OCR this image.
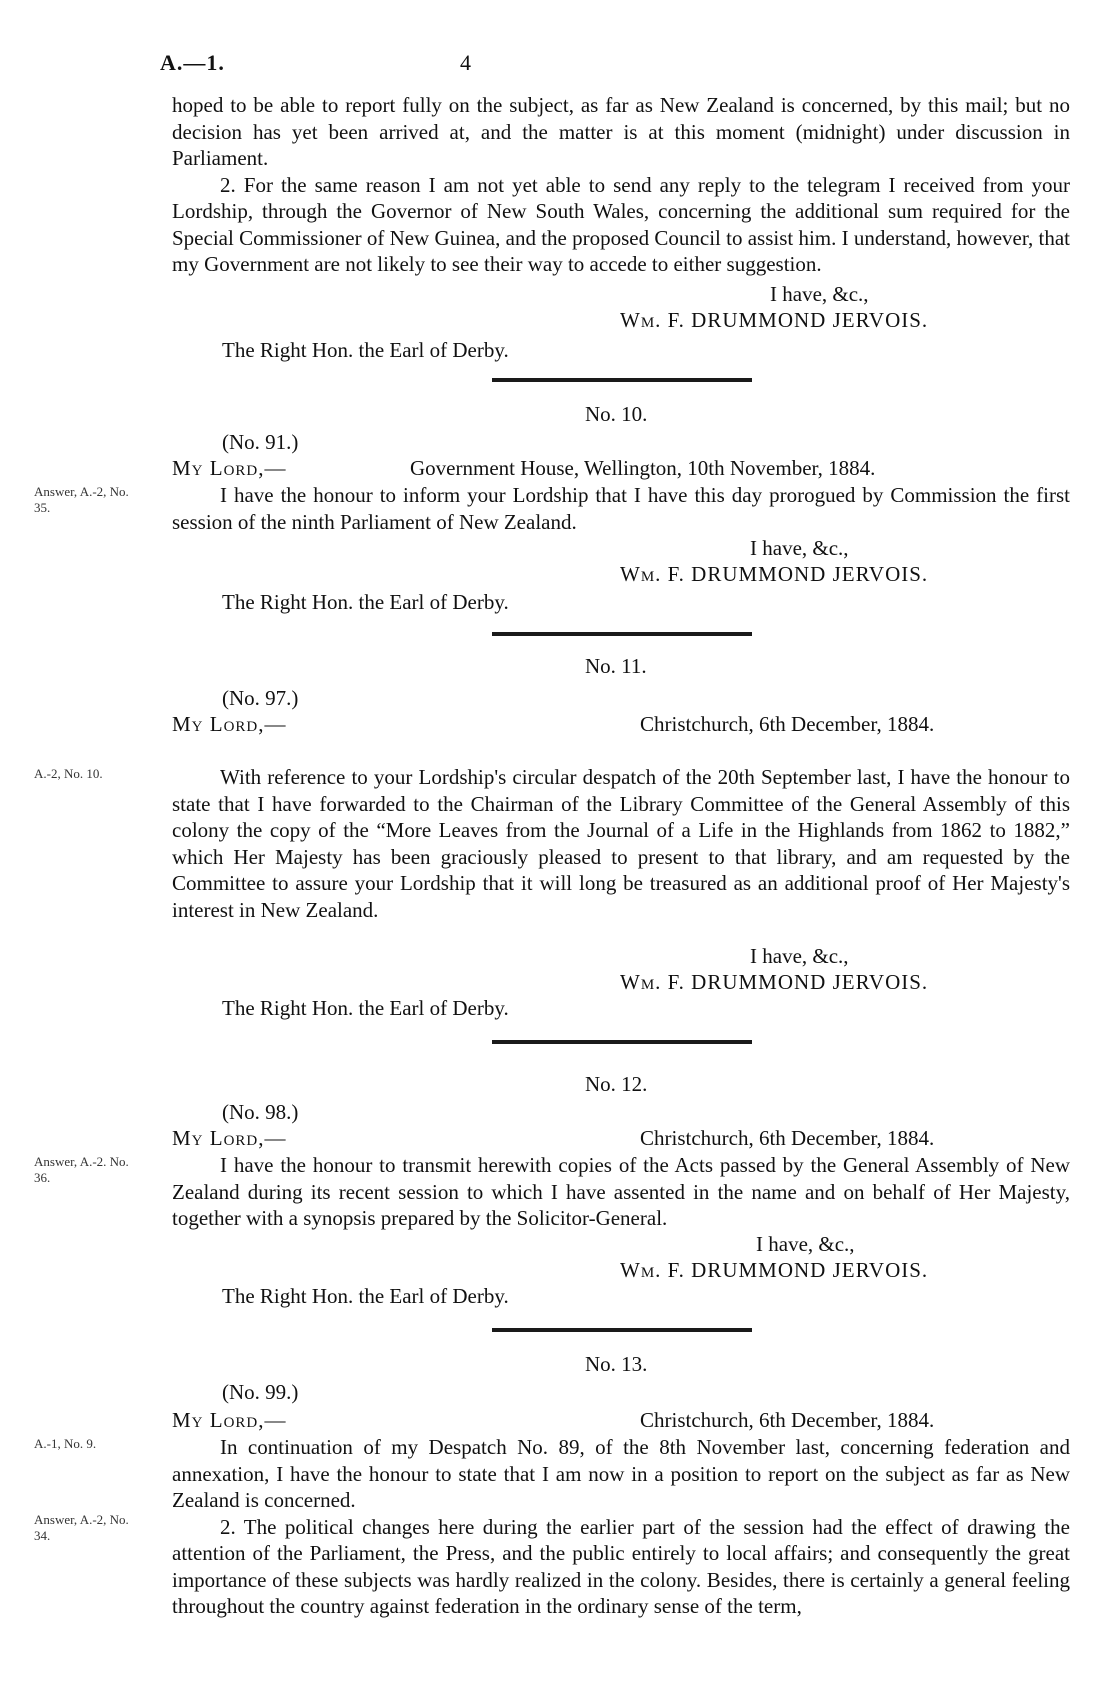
A.—1.	4

hoped to be able to report fully on the subject, as far as New Zealand is concerned, by this mail; but no decision has yet been arrived at, and the matter is at this moment (midnight) under discussion in Parliament.

2. For the same reason I am not yet able to send any reply to the telegram I received from your Lordship, through the Governor of New South Wales, concerning the additional sum required for the Special Commissioner of New Guinea, and the proposed Council to assist him. I understand, however, that my Government are not likely to see their way to accede to either suggestion.

I have, &c.,
Wm. F. DRUMMOND JERVOIS.
The Right Hon. the Earl of Derby.
No. 10.
(No. 91.)
My Lord,—	Government House, Wellington, 10th November, 1884.
Answer, A.-2, No. 35.

I have the honour to inform your Lordship that I have this day prorogued by Commission the first session of the ninth Parliament of New Zealand.

I have, &c.,
Wm. F. DRUMMOND JERVOIS.
The Right Hon. the Earl of Derby.
No. 11.
(No. 97.)
My Lord,—	Christchurch, 6th December, 1884.
A.-2, No. 10.	With reference to your Lordship's circular despatch of the 20th September last, I have the honour to state that I have forwarded to the Chairman of the Library Committee of the General Assembly of this colony the copy of the “More Leaves from the Journal of a Life in the Highlands from 1862 to 1882,” which Her Majesty has been graciously pleased to present to that library, and am requested by the Committee to assure your Lordship that it will long be treasured as an additional proof of Her Majesty's interest in New Zealand.

I have, &c.,
Wm. F. DRUMMOND JERVOIS.
The Right Hon. the Earl of Derby.
No. 12.
(No. 98.)
My Lord,—	Christchurch, 6th December, 1884.
Answer, A.-2. No. 36.

I have the honour to transmit herewith copies of the Acts passed by the General Assembly of New Zealand during its recent session to which I have assented in the name and on behalf of Her Majesty, together with a synopsis prepared by the Solicitor-General.

I have, &c.,
Wm. F. DRUMMOND JERVOIS.
The Right Hon. the Earl of Derby.
No. 13.
(No. 99.)
My Lord,—	Christchurch, 6th December, 1884.
A.-1, No. 9.
Answer, A.-2, No. 34.

In continuation of my Despatch No. 89, of the 8th November last, concerning federation and annexation, I have the honour to state that I am now in a position to report on the subject as far as New Zealand is concerned.

2. The political changes here during the earlier part of the session had the effect of drawing the attention of the Parliament, the Press, and the public entirely to local affairs; and consequently the great importance of these subjects was hardly realized in the colony. Besides, there is certainly a general feeling throughout the country against federation in the ordinary sense of the term,
